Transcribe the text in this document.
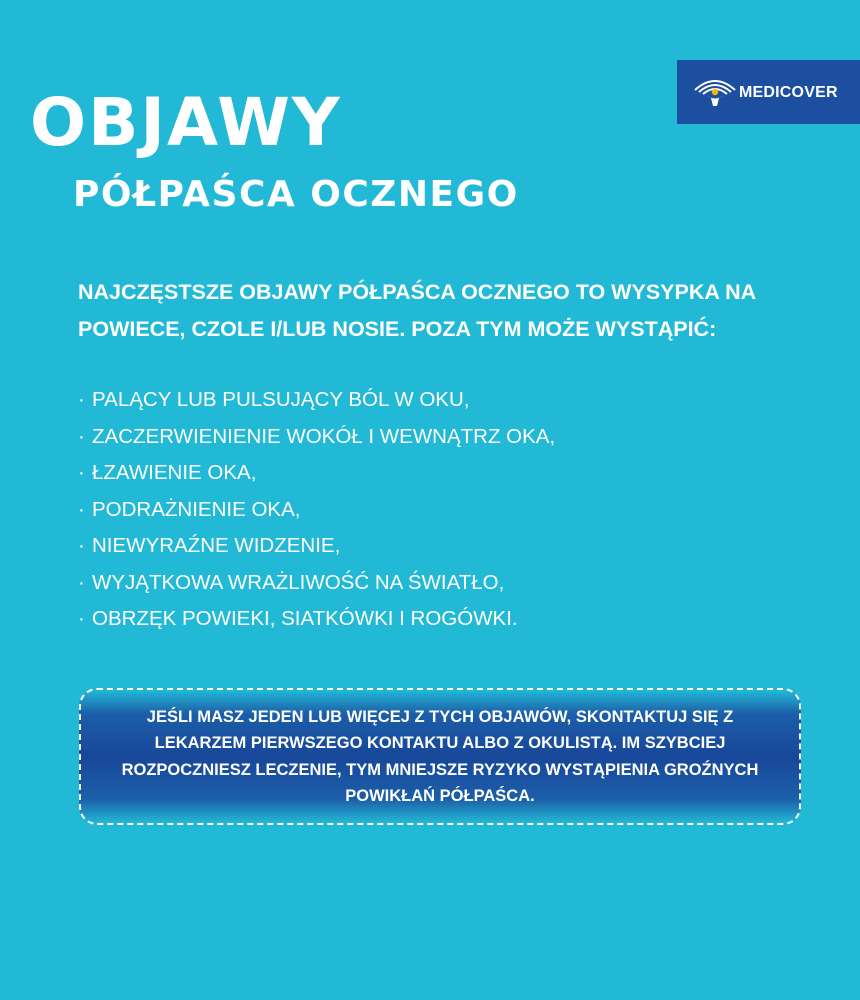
MEDICOVER
OBJAWY
PÓŁPAŚCA OCZNEGO

NAJCZĘSTSZE OBJAWY PÓŁPAŚCA OCZNEGO TO WYSYPKA NA POWIECE, CZOLE I/LUB NOSIE. POZA TYM MOŻE WYSTĄPIĆ:

· PALĄCY LUB PULSUJĄCY BÓL W OKU,
· ZACZERWIENIENIE WOKÓŁ I WEWNĄTRZ OKA,
· ŁZAWIENIE OKA,
· PODRAŻNIENIE OKA,
· NIEWYRAŹNE WIDZENIE,
· WYJĄTKOWA WRAŻLIWOŚĆ NA ŚWIATŁO,
· OBRZĘK POWIEKI, SIATKÓWKI I ROGÓWKI.

JEŚLI MASZ JEDEN LUB WIĘCEJ Z TYCH OBJAWÓW, SKONTAKTUJ SIĘ Z LEKARZEM PIERWSZEGO KONTAKTU ALBO Z OKULISTĄ. IM SZYBCIEJ ROZPOCZNIESZ LECZENIE, TYM MNIEJSZE RYZYKO WYSTĄPIENIA GROŹNYCH POWIKŁAŃ PÓŁPAŚCA.
